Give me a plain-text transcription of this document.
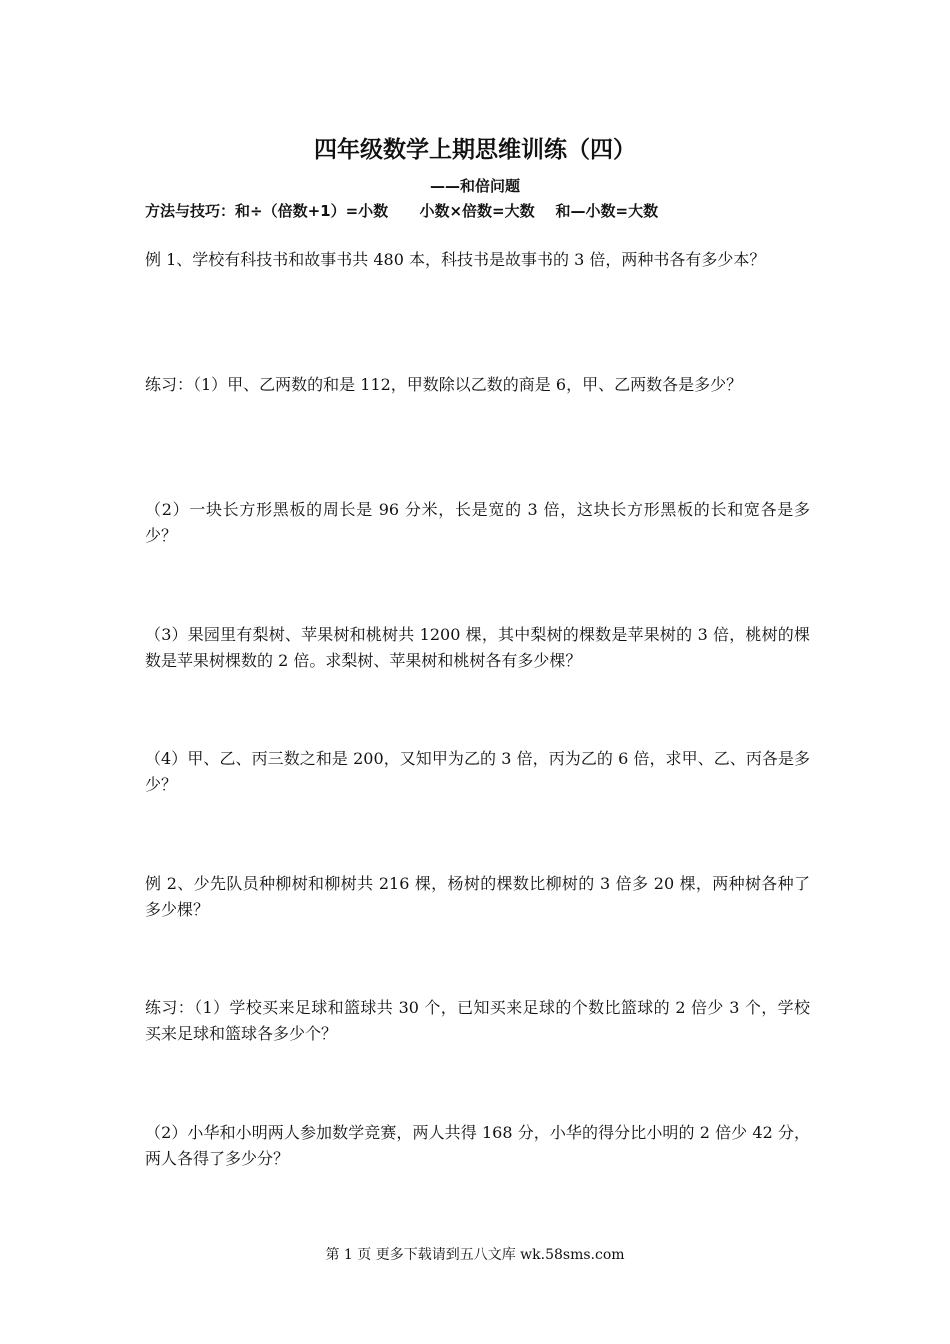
四年级数学上期思维训练（四）
——和倍问题
方法与技巧：和÷（倍数+1）=小数      小数×倍数=大数    和—小数=大数

例 1、学校有科技书和故事书共 480 本，科技书是故事书的 3 倍，两种书各有多少本？

练习：（1）甲、乙两数的和是 112，甲数除以乙数的商是 6，甲、乙两数各是多少？

（2）一块长方形黑板的周长是 96 分米，长是宽的 3 倍，这块长方形黑板的长和宽各是多少？

（3）果园里有梨树、苹果树和桃树共 1200 棵，其中梨树的棵数是苹果树的 3 倍，桃树的棵数是苹果树棵数的 2 倍。求梨树、苹果树和桃树各有多少棵？

（4）甲、乙、丙三数之和是 200，又知甲为乙的 3 倍，丙为乙的 6 倍，求甲、乙、丙各是多少？

例 2、少先队员种柳树和柳树共 216 棵，杨树的棵数比柳树的 3 倍多 20 棵，两种树各种了多少棵？

练习：（1）学校买来足球和篮球共 30 个，已知买来足球的个数比篮球的 2 倍少 3 个，学校买来足球和篮球各多少个？

（2）小华和小明两人参加数学竞赛，两人共得 168 分，小华的得分比小明的 2 倍少 42 分，两人各得了多少分？

第 1 页 更多下载请到五八文库 wk.58sms.com
